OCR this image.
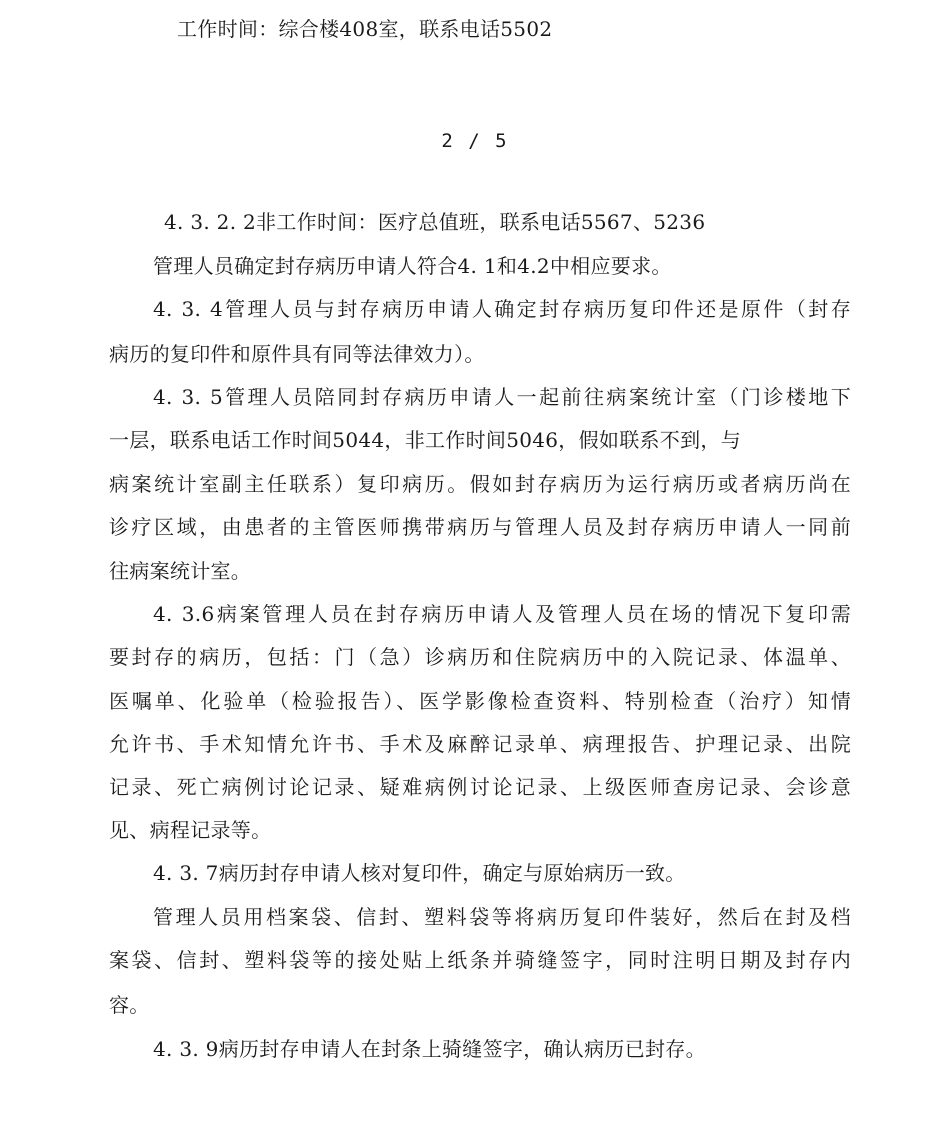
工作时间：综合楼408室，联系电话5502
2 / 5
4. 3. 2. 2非工作时间：医疗总值班，联系电话5567、5236
管理人员确定封存病历申请人符合4. 1和4.2中相应要求。
4. 3. 4管理人员与封存病历申请人确定封存病历复印件还是原件（封存
病历的复印件和原件具有同等法律效力）。
4. 3. 5管理人员陪同封存病历申请人一起前往病案统计室（门诊楼地下
一层，联系电话工作时间5044，非工作时间5046，假如联系不到，与
病案统计室副主任联系）复印病历。假如封存病历为运行病历或者病历尚在
诊疗区域，由患者的主管医师携带病历与管理人员及封存病历申请人一同前
往病案统计室。
4. 3.6病案管理人员在封存病历申请人及管理人员在场的情况下复印需
要封存的病历，包括：门（急）诊病历和住院病历中的入院记录、体温单、
医嘱单、化验单（检验报告）、医学影像检查资料、特别检查（治疗）知情
允许书、手术知情允许书、手术及麻醉记录单、病理报告、护理记录、出院
记录、死亡病例讨论记录、疑难病例讨论记录、上级医师查房记录、会诊意
见、病程记录等。
4. 3. 7病历封存申请人核对复印件，确定与原始病历一致。
管理人员用档案袋、信封、塑料袋等将病历复印件装好，然后在封及档
案袋、信封、塑料袋等的接处贴上纸条并骑缝签字，同时注明日期及封存内
容。
4. 3. 9病历封存申请人在封条上骑缝签字，确认病历已封存。
